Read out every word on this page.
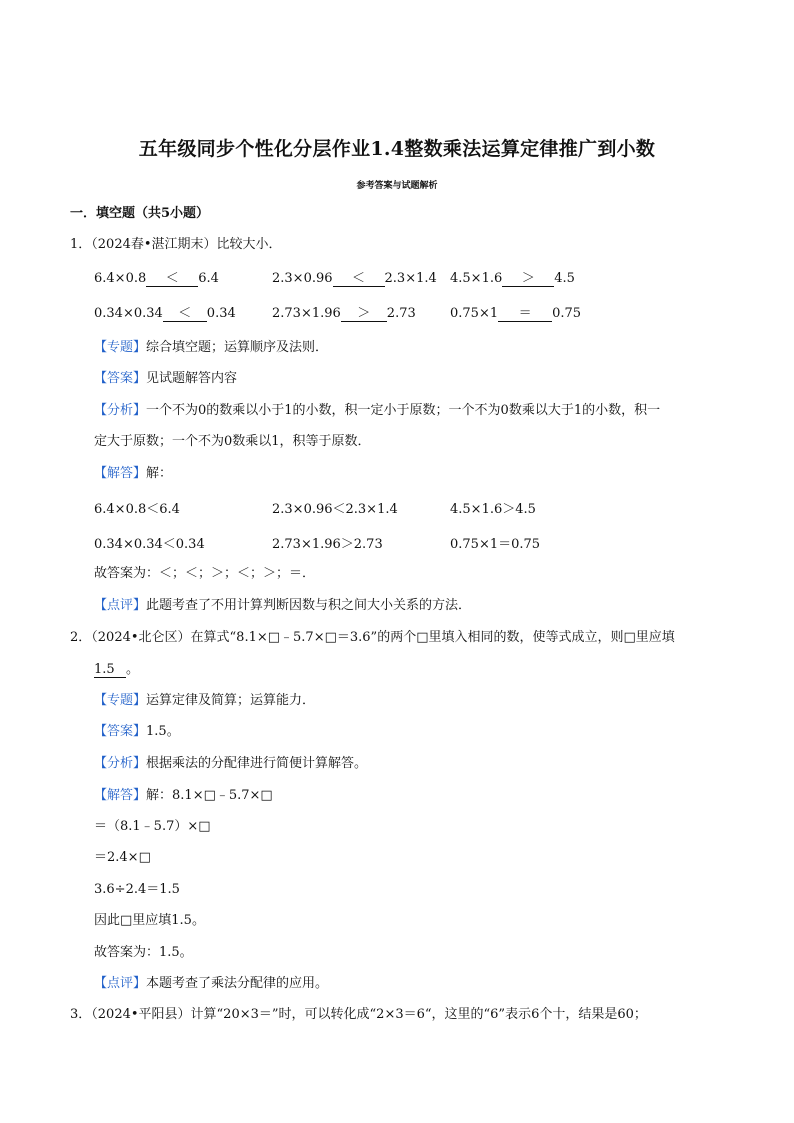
五年级同步个性化分层作业1.4整数乘法运算定律推广到小数
参考答案与试题解析
一．填空题（共5小题）
1．（2024春•湛江期末）比较大小．
6.4×0.8 ＜ 6.4	2.3×0.96 ＜ 2.3×1.4 4.5×1.6 ＞ 4.5
0.34×0.34 ＜ 0.34	2.73×1.96 ＞ 2.73	0.75×1 ＝ 0.75
【专题】综合填空题；运算顺序及法则．
【答案】见试题解答内容
【分析】一个不为0的数乘以小于1的小数，积一定小于原数；一个不为0数乘以大于1的小数，积一
定大于原数；一个不为0数乘以1，积等于原数．
【解答】解：
6.4×0.8＜6.4	2.3×0.96＜2.3×1.4	4.5×1.6＞4.5
0.34×0.34＜0.34	2.73×1.96＞2.73	0.75×1＝0.75
故答案为：＜；＜；＞；＜；＞；＝．
【点评】此题考查了不用计算判断因数与积之间大小关系的方法．
2．（2024•北仑区）在算式“8.1×□﹣5.7×□＝3.6”的两个□里填入相同的数，使等式成立，则□里应填
1.5 。
【专题】运算定律及简算；运算能力．
【答案】1.5。
【分析】根据乘法的分配律进行简便计算解答。
【解答】解：8.1×□﹣5.7×□
＝（8.1﹣5.7）×□
＝2.4×□
3.6÷2.4＝1.5
因此□里应填1.5。
故答案为：1.5。
【点评】本题考查了乘法分配律的应用。
3．（2024•平阳县）计算“20×3＝”时，可以转化成“2×3＝6“，这里的“6”表示6个十，结果是60；
